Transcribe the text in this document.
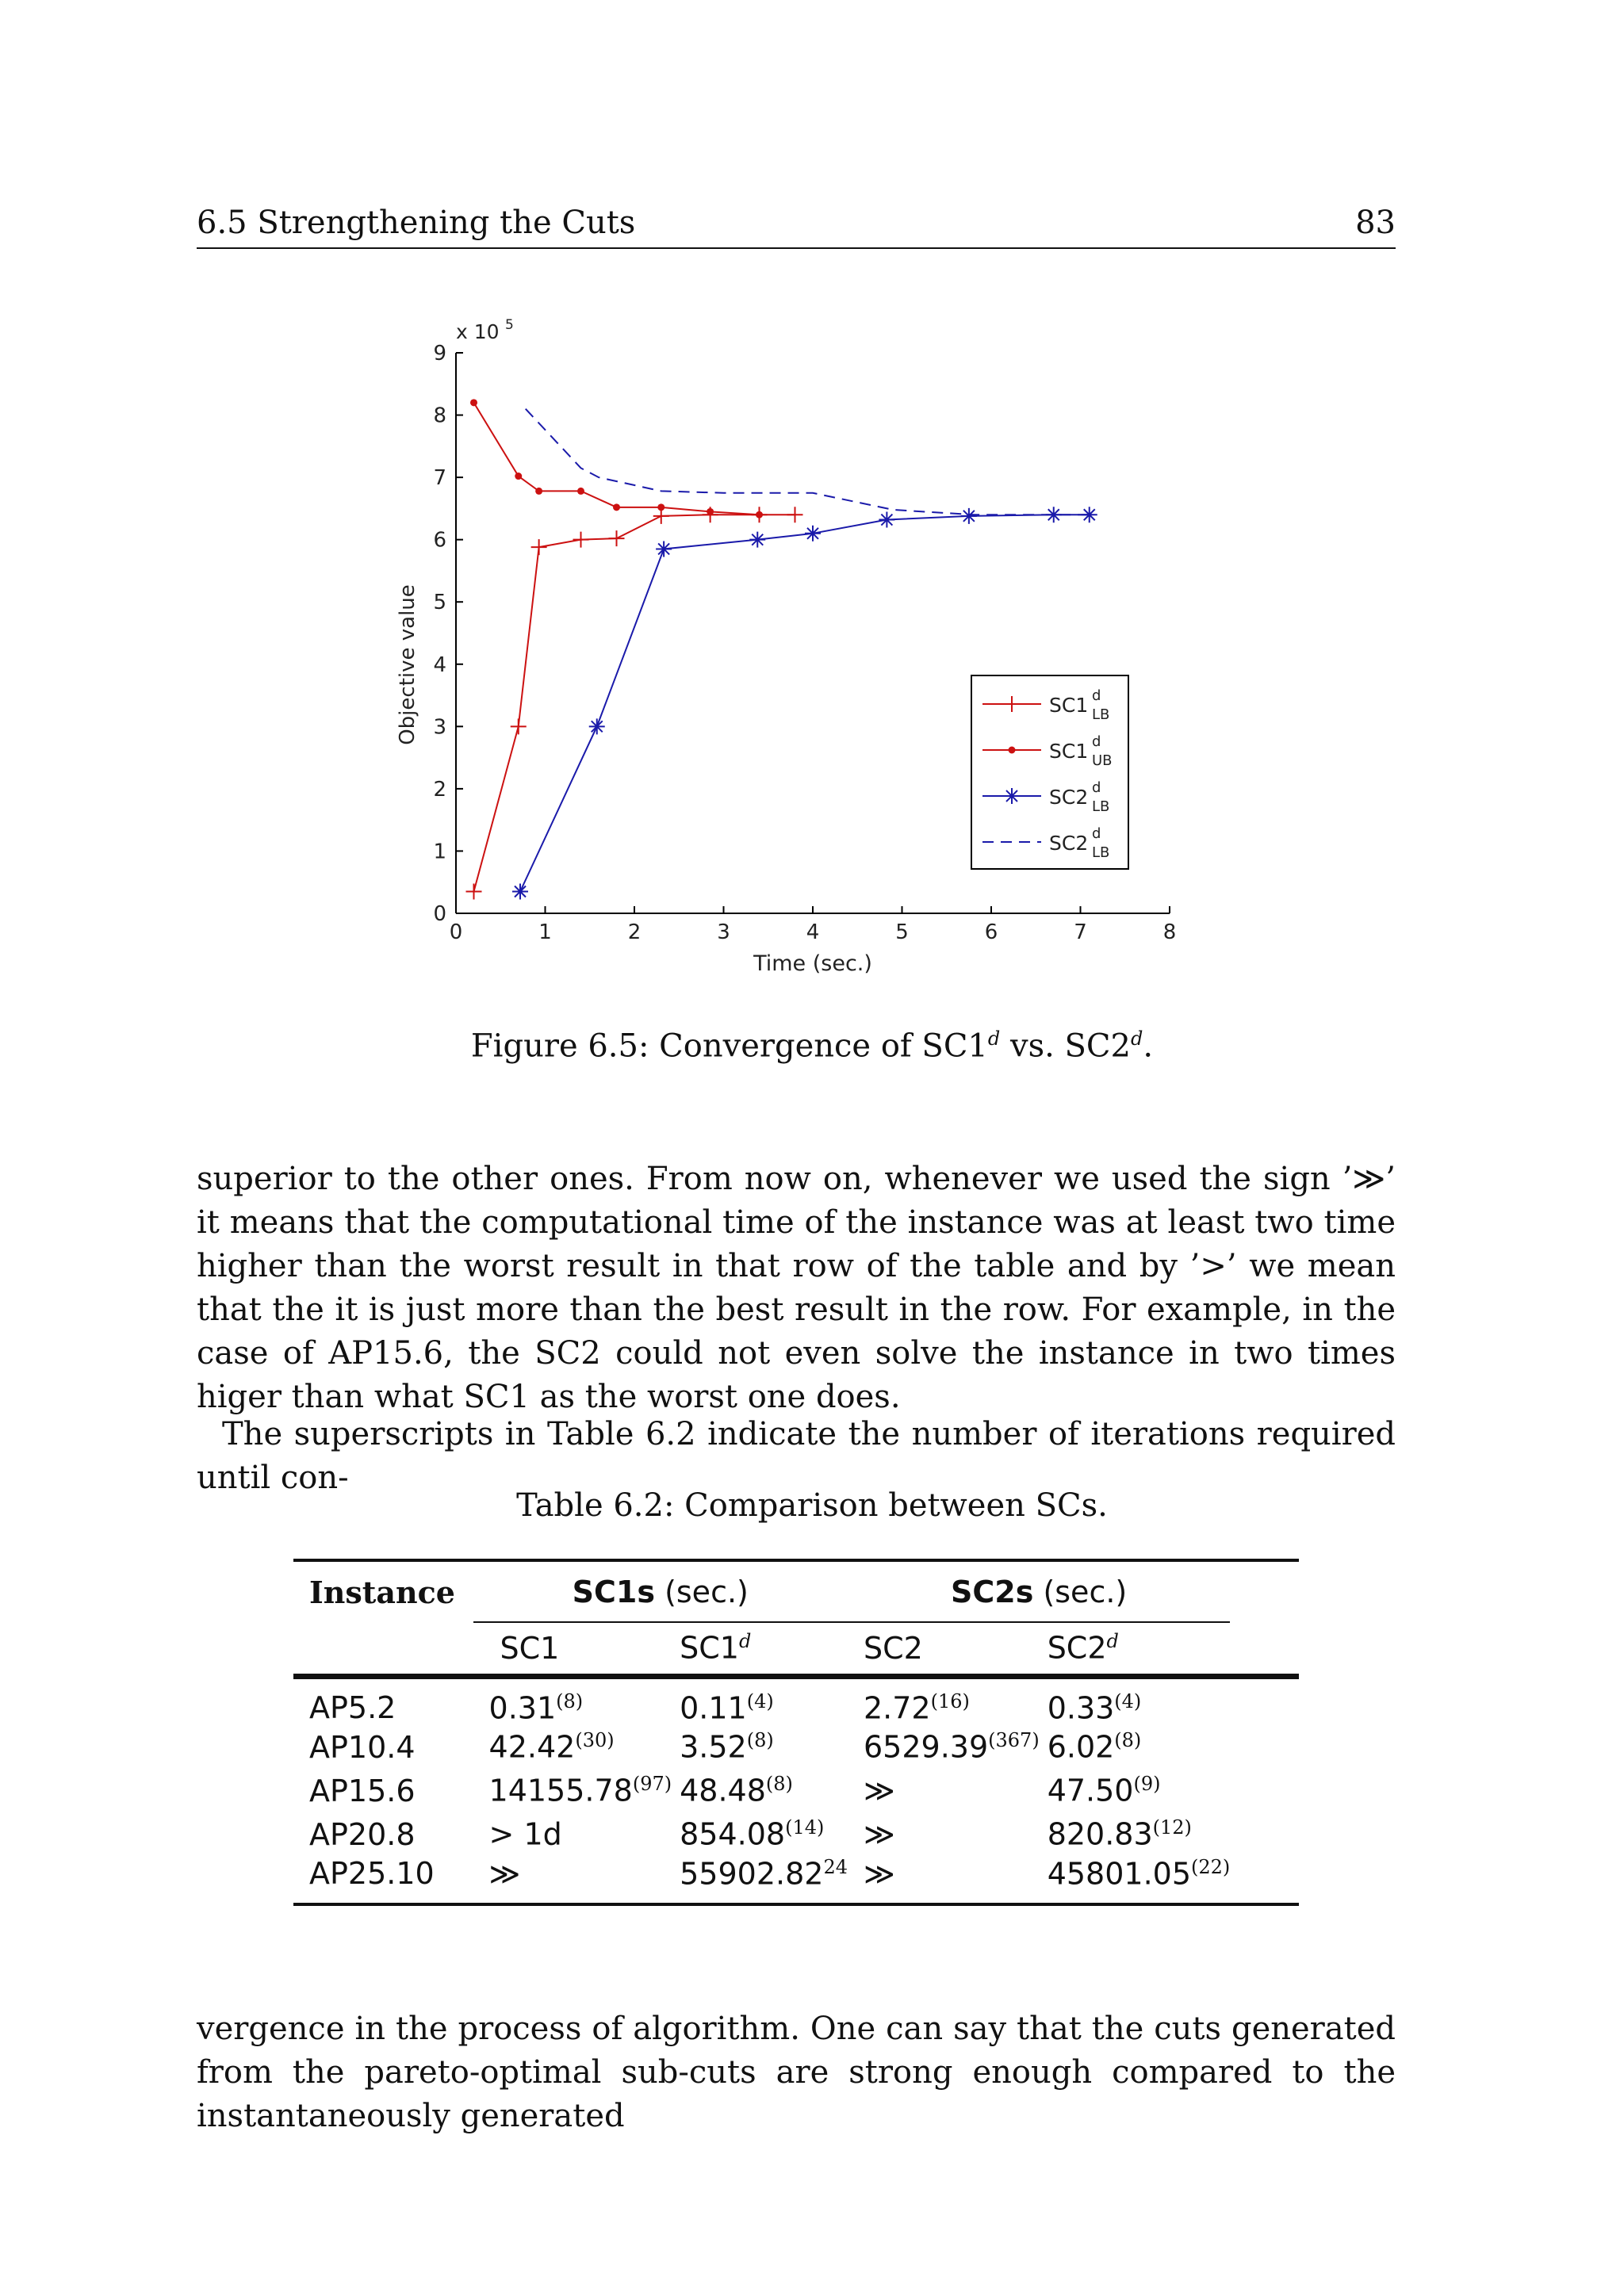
6.5 Strengthening the Cuts	83
0	1	2	3	4	5	6	7	8
0
1
2
3
4
5
6
7
8
9
Time (sec.)
Objective value
x 10 5
SC1 d
LB
SC1 d
UB
SC2 d
LB
SC2 d
LB
Figure 6.5: Convergence of SC1$^d$ vs. SC2$^d$.
superior to the other ones. From now on, whenever we used the sign ’≫’ it means that the computational time of the instance was at least two time higher than the worst result in that row of the table and by ’>’ we mean that the it is just more than the best result in the row. For example, in the case of AP15.6, the SC2 could not even solve the instance in two times higer than what SC1 as the worst one does.
The superscripts in Table 6.2 indicate the number of iterations required until con-
Table 6.2: Comparison between SCs.
Instance	SC1s (sec.)		SC2s (sec.)		
	SC1	SC1$^d$	SC2	SC2$^d$	
AP5.2	0.31$^{(8)}$	0.11$^{(4)}$	2.72$^{(16)}$	0.33$^{(4)}$	
AP10.4	42.42$^{(30)}$	3.52$^{(8)}$	6529.39$^{(367)}$	6.02$^{(8)}$	
AP15.6	14155.78$^{(97)}$	48.48$^{(8)}$	≫	47.50$^{(9)}$	
AP20.8	> 1d	854.08$^{(14)}$	≫	820.83$^{(12)}$	
AP25.10	≫	55902.82$^{24}$	≫	45801.05$^{(22)}$	
vergence in the process of algorithm. One can say that the cuts generated from the pareto-optimal sub-cuts are strong enough compared to the instantaneously generated
